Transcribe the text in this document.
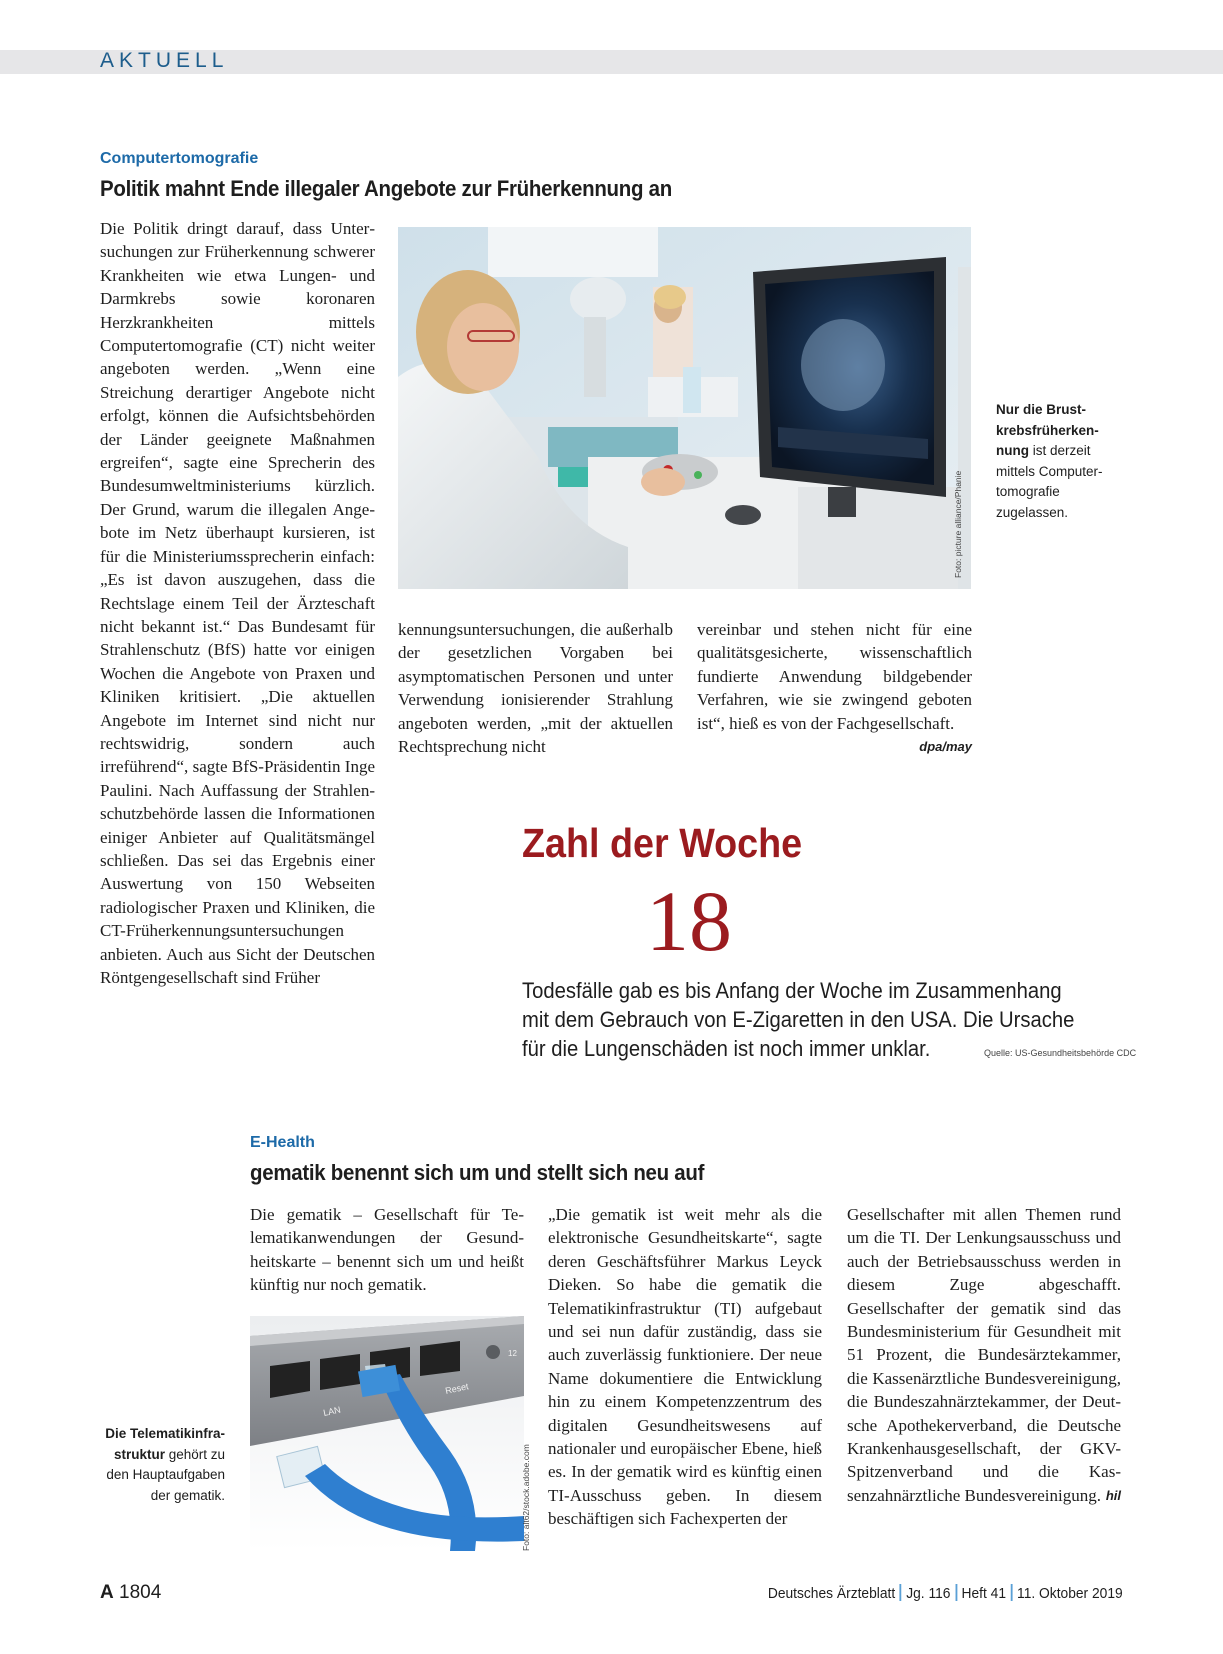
AKTUELL
Computertomografie
Politik mahnt Ende illegaler Angebote zur Früherkennung an
Die Politik dringt darauf, dass Untersuchungen zur Früherkennung schwerer Krankheiten wie etwa Lungen- und Darmkrebs sowie koronaren Herzkrankheiten mittels Computertomografie (CT) nicht weiter angeboten werden. „Wenn eine Streichung derartiger Angebote nicht erfolgt, können die Aufsichtsbehörden der Länder geeignete Maßnahmen ergreifen“, sagte eine Sprecherin des Bundesumweltministeriums kürzlich. Der Grund, warum die illegalen Angebote im Netz überhaupt kursieren, ist für die Ministeriumssprecherin einfach: „Es ist davon auszugehen, dass die Rechtslage einem Teil der Ärzteschaft nicht bekannt ist.“ Das Bundesamt für Strahlenschutz (BfS) hatte vor einigen Wochen die Angebote von Praxen und Kliniken kritisiert. „Die aktuellen Angebote im Internet sind nicht nur rechtswidrig, sondern auch irreführend“, sagte BfS-Präsidentin Inge Paulini. Nach Auffassung der Strahlenschutzbehörde lassen die Informationen einiger Anbieter auf Qualitätsmängel schließen. Das sei das Ergebnis einer Auswertung von 150 Webseiten radiologischer Praxen und Kliniken, die CT-Früherkennungsuntersuchungen anbieten. Auch aus Sicht der Deutschen Röntgengesellschaft sind Früher
Foto: picture alliance/Phanie
Nur die Brustkrebsfrüherkennung ist derzeit mittels Computertomografie zugelassen.
kennungsuntersuchungen, die außerhalb der gesetzlichen Vorgaben bei asymptomatischen Personen und unter Verwendung ionisierender Strahlung angeboten werden, „mit der aktuellen Rechtsprechung nicht
vereinbar und stehen nicht für eine qualitätsgesicherte, wissenschaftlich fundierte Anwendung bildgebender Verfahren, wie sie zwingend geboten ist“, hieß es von der Fachgesellschaft.
dpa/may
Zahl der Woche
18
Todesfälle gab es bis Anfang der Woche im Zusammenhang mit dem Gebrauch von E-Zigaretten in den USA. Die Ursache für die Lungenschäden ist noch immer unklar.	Quelle: US-Gesundheitsbehörde CDC
E-Health
gematik benennt sich um und stellt sich neu auf
Die gematik – Gesellschaft für Telematikanwendungen der Gesundheitskarte – benennt sich um und heißt künftig nur noch gematik.
Reset
LAN
12
Foto: alt62/stock.adobe.com
Die Telematikinfrastruktur gehört zu den Hauptaufgaben der gematik.
„Die gematik ist weit mehr als die elektronische Gesundheitskarte“, sagte deren Geschäftsführer Markus Leyck Dieken. So habe die gematik die Telematikinfrastruktur (TI) aufgebaut und sei nun dafür zuständig, dass sie auch zuverlässig funktioniere. Der neue Name dokumentiere die Entwicklung hin zu einem Kompetenzzentrum des digitalen Gesundheitswesens auf nationaler und europäischer Ebene, hieß es. In der gematik wird es künftig einen TI-Ausschuss geben. In diesem beschäftigen sich Fachexperten der
Gesellschafter mit allen Themen rund um die TI. Der Lenkungsausschuss und auch der Betriebsausschuss werden in diesem Zuge abgeschafft. Gesellschafter der gematik sind das Bundesministerium für Gesundheit mit 51 Prozent, die Bundesärztekammer, die Kassenärztliche Bundesvereinigung, die Bundeszahnärztekammer, der Deutsche Apothekerverband, die Deutsche Krankenhausgesellschaft, der GKV-Spitzenverband und die Kassenzahnärztliche Bundesvereinigung. hil
A 1804	Deutsches Ärzteblatt Jg. 116 Heft 41 11. Oktober 2019
